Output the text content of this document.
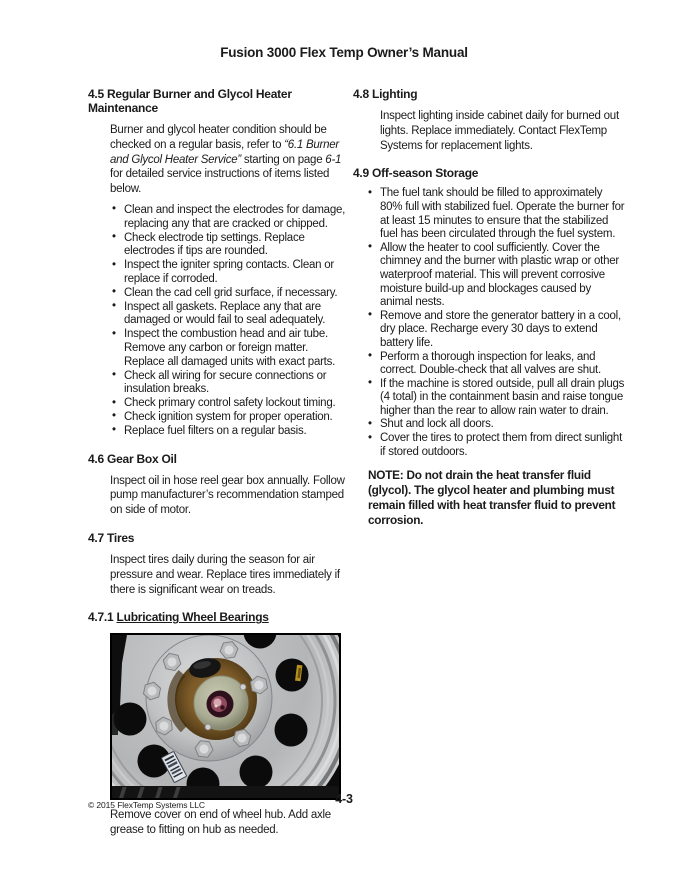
Fusion 3000 Flex Temp Owner’s Manual
4.5 Regular Burner and Glycol Heater Maintenance

Burner and glycol heater condition should be checked on a regular basis, refer to “6.1 Burner and Glycol Heater Service” starting on page 6-1 for detailed service instructions of items listed below.

• Clean and inspect the electrodes for damage, replacing any that are cracked or chipped.
• Check electrode tip settings. Replace electrodes if tips are rounded.
• Inspect the igniter spring contacts. Clean or replace if corroded.
• Clean the cad cell grid surface, if necessary.
• Inspect all gaskets. Replace any that are damaged or would fail to seal adequately.
• Inspect the combustion head and air tube. Remove any carbon or foreign matter. Replace all damaged units with exact parts.
• Check all wiring for secure connections or insulation breaks.
• Check primary control safety lockout timing.
• Check ignition system for proper operation.
• Replace fuel filters on a regular basis.
4.6 Gear Box Oil

Inspect oil in hose reel gear box annually. Follow pump manufacturer’s recommendation stamped on side of motor.

4.7 Tires

Inspect tires daily during the season for air pressure and wear. Replace tires immediately if there is significant wear on treads.

4.7.1 Lubricating Wheel Bearings

Remove cover on end of wheel hub. Add axle grease to fitting on hub as needed.

4.8 Lighting

Inspect lighting inside cabinet daily for burned out lights. Replace immediately. Contact FlexTemp Systems for replacement lights.

4.9 Off-season Storage
• The fuel tank should be filled to approximately 80% full with stabilized fuel. Operate the burner for at least 15 minutes to ensure that the stabilized fuel has been circulated through the fuel system.
• Allow the heater to cool sufficiently. Cover the chimney and the burner with plastic wrap or other waterproof material. This will prevent corrosive moisture build-up and blockages caused by animal nests.
• Remove and store the generator battery in a cool, dry place. Recharge every 30 days to extend battery life.
• Perform a thorough inspection for leaks, and correct. Double-check that all valves are shut.
• If the machine is stored outside, pull all drain plugs (4 total) in the containment basin and raise tongue higher than the rear to allow rain water to drain.
• Shut and lock all doors.
• Cover the tires to protect them from direct sunlight if stored outdoors.

NOTE: Do not drain the heat transfer fluid (glycol). The glycol heater and plumbing must remain filled with heat transfer fluid to prevent corrosion.

© 2015 FlexTemp Systems LLC	4-3
